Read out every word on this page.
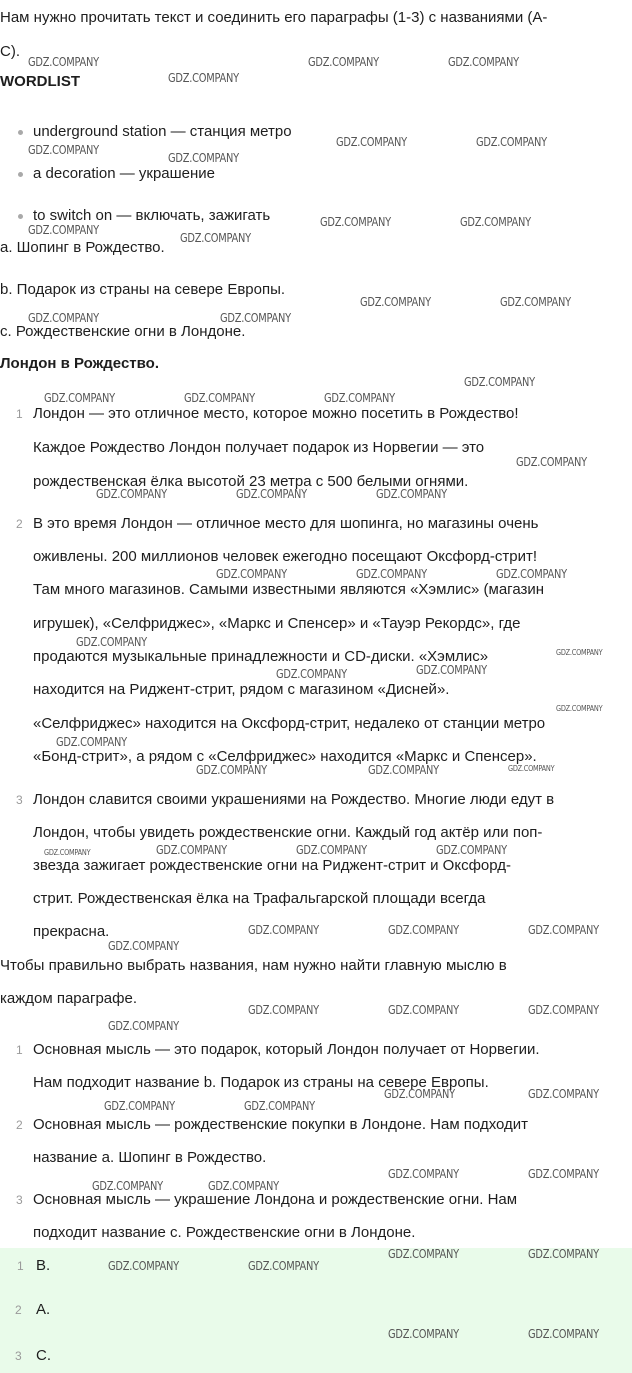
Нам нужно прочитать текст и соединить его параграфы (1-3) с названиями (А-
С).
WORDLIST
underground station — станция метро
a decoration — украшение
to switch on — включать, зажигать
a. Шопинг в Рождество.
b. Подарок из страны на севере Европы.
c. Рождественские огни в Лондоне.
Лондон в Рождество.
1 Лондон — это отличное место, которое можно посетить в Рождество!
Каждое Рождество Лондон получает подарок из Норвегии — это
рождественская ёлка высотой 23 метра с 500 белыми огнями.
2 В это время Лондон — отличное место для шопинга, но магазины очень
оживлены. 200 миллионов человек ежегодно посещают Оксфорд-стрит!
Там много магазинов. Самыми известными являются «Хэмлис» (магазин
игрушек), «Селфриджес», «Маркс и Спенсер» и «Тауэр Рекордс», где
продаются музыкальные принадлежности и CD-диски. «Хэмлис»
находится на Риджент-стрит, рядом с магазином «Дисней».
«Селфриджес» находится на Оксфорд-стрит, недалеко от станции метро
«Бонд-стрит», а рядом с «Селфриджес» находится «Маркс и Спенсер».
3 Лондон славится своими украшениями на Рождество. Многие люди едут в
Лондон, чтобы увидеть рождественские огни. Каждый год актёр или поп-
звезда зажигает рождественские огни на Риджент-стрит и Оксфорд-
стрит. Рождественская ёлка на Трафальгарской площади всегда
прекрасна.
Чтобы правильно выбрать названия, нам нужно найти главную мыслю в
каждом параграфе.
1 Основная мысль — это подарок, который Лондон получает от Норвегии.
Нам подходит название b. Подарок из страны на севере Европы.
2 Основная мысль — рождественские покупки в Лондоне. Нам подходит
название а. Шопинг в Рождество.
3 Основная мысль — украшение Лондона и рождественские огни. Нам
подходит название с. Рождественские огни в Лондоне.
1 B.
2 A.
3 C.
GDZ.COMPANY
GDZ.COMPANY
GDZ.COMPANY	GDZ.COMPANY
GDZ.COMPANY
GDZ.COMPANY
GDZ.COMPANY	GDZ.COMPANY
GDZ.COMPANY
GDZ.COMPANY
GDZ.COMPANY	GDZ.COMPANY
GDZ.COMPANY	GDZ.COMPANY
GDZ.COMPANY	GDZ.COMPANY
GDZ.COMPANY
GDZ.COMPANY	GDZ.COMPANY	GDZ.COMPANY
GDZ.COMPANY
GDZ.COMPANY	GDZ.COMPANY	GDZ.COMPANY
GDZ.COMPANY	GDZ.COMPANY	GDZ.COMPANY
GDZ.COMPANY
GDZ.COMPANY	GDZ.COMPANY
GDZ.COMPANY
GDZ.COMPANY	GDZ.COMPANY
GDZ.COMPANY	GDZ.COMPANY	GDZ.COMPANY
GDZ.COMPANY	GDZ.COMPANY	GDZ.COMPANY
GDZ.COMPANY
GDZ.COMPANY
GDZ.COMPANY	GDZ.COMPANY	GDZ.COMPANY
GDZ.COMPANY	GDZ.COMPANY
GDZ.COMPANY	GDZ.COMPANY
GDZ.COMPANY	GDZ.COMPANY
GDZ.COMPANY	GDZ.COMPANY
GDZ.COMPANY	GDZ.COMPANY
GDZ.COMPANY	GDZ.COMPANY
GDZ.COMPANY	GDZ.COMPANY
GDZ.COMPANY
GDZ.COMPANY
GDZ.COMPANY
GDZ.COMPANY
